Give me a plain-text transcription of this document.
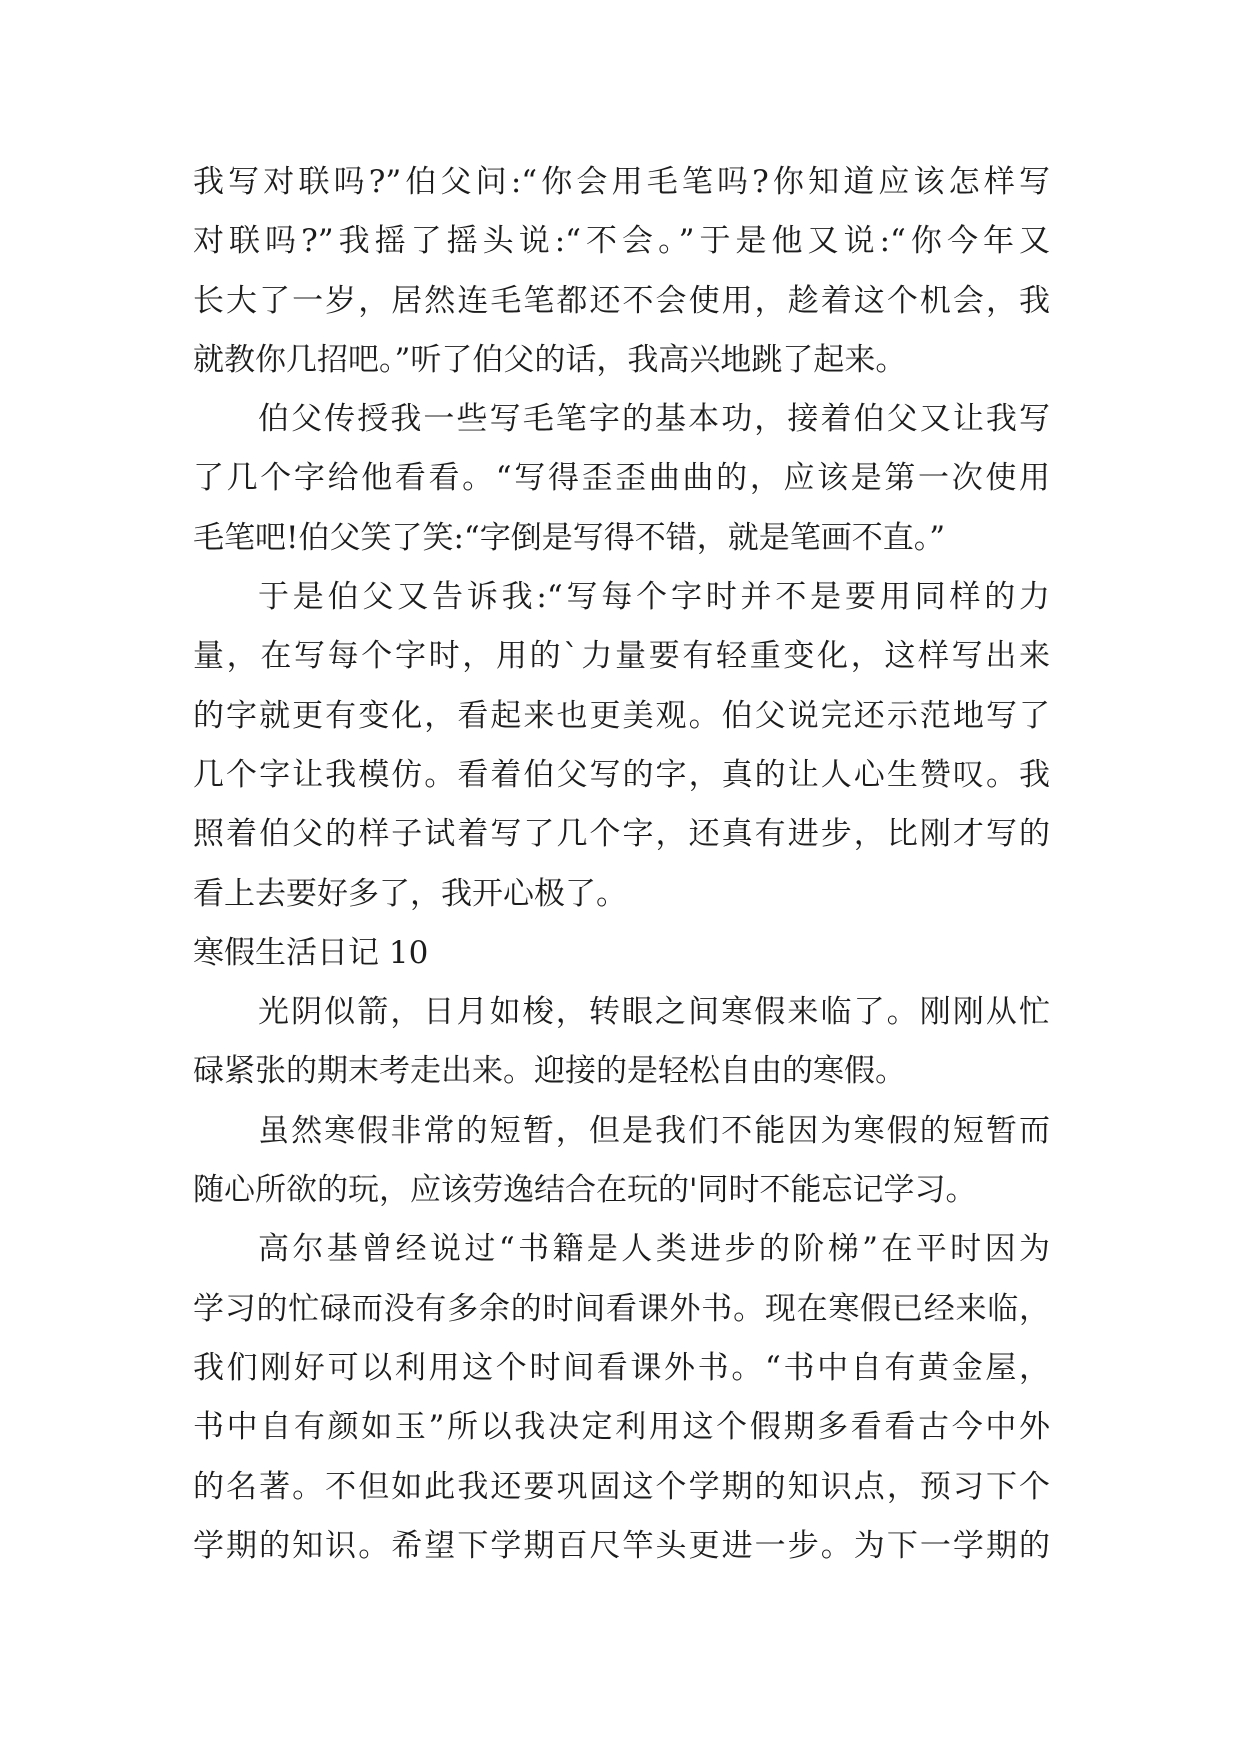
我写对联吗?”伯父问:“你会用毛笔吗?你知道应该怎样写
对联吗?”我摇了摇头说:“不会。”于是他又说:“你今年又
长大了一岁，居然连毛笔都还不会使用，趁着这个机会，我
就教你几招吧。”听了伯父的话，我高兴地跳了起来。
伯父传授我一些写毛笔字的基本功，接着伯父又让我写
了几个字给他看看。“写得歪歪曲曲的，应该是第一次使用
毛笔吧!伯父笑了笑:“字倒是写得不错，就是笔画不直。”
于是伯父又告诉我:“写每个字时并不是要用同样的力
量，在写每个字时，用的`力量要有轻重变化，这样写出来
的字就更有变化，看起来也更美观。伯父说完还示范地写了
几个字让我模仿。看着伯父写的字，真的让人心生赞叹。我
照着伯父的样子试着写了几个字，还真有进步，比刚才写的
看上去要好多了，我开心极了。
寒假生活日记 10
光阴似箭，日月如梭，转眼之间寒假来临了。刚刚从忙
碌紧张的期末考走出来。迎接的是轻松自由的寒假。
虽然寒假非常的短暂，但是我们不能因为寒假的短暂而
随心所欲的玩，应该劳逸结合在玩的'同时不能忘记学习。
高尔基曾经说过“书籍是人类进步的阶梯”在平时因为
学习的忙碌而没有多余的时间看课外书。现在寒假已经来临，
我们刚好可以利用这个时间看课外书。“书中自有黄金屋，
书中自有颜如玉”所以我决定利用这个假期多看看古今中外
的名著。不但如此我还要巩固这个学期的知识点，预习下个
学期的知识。希望下学期百尺竿头更进一步。为下一学期的
